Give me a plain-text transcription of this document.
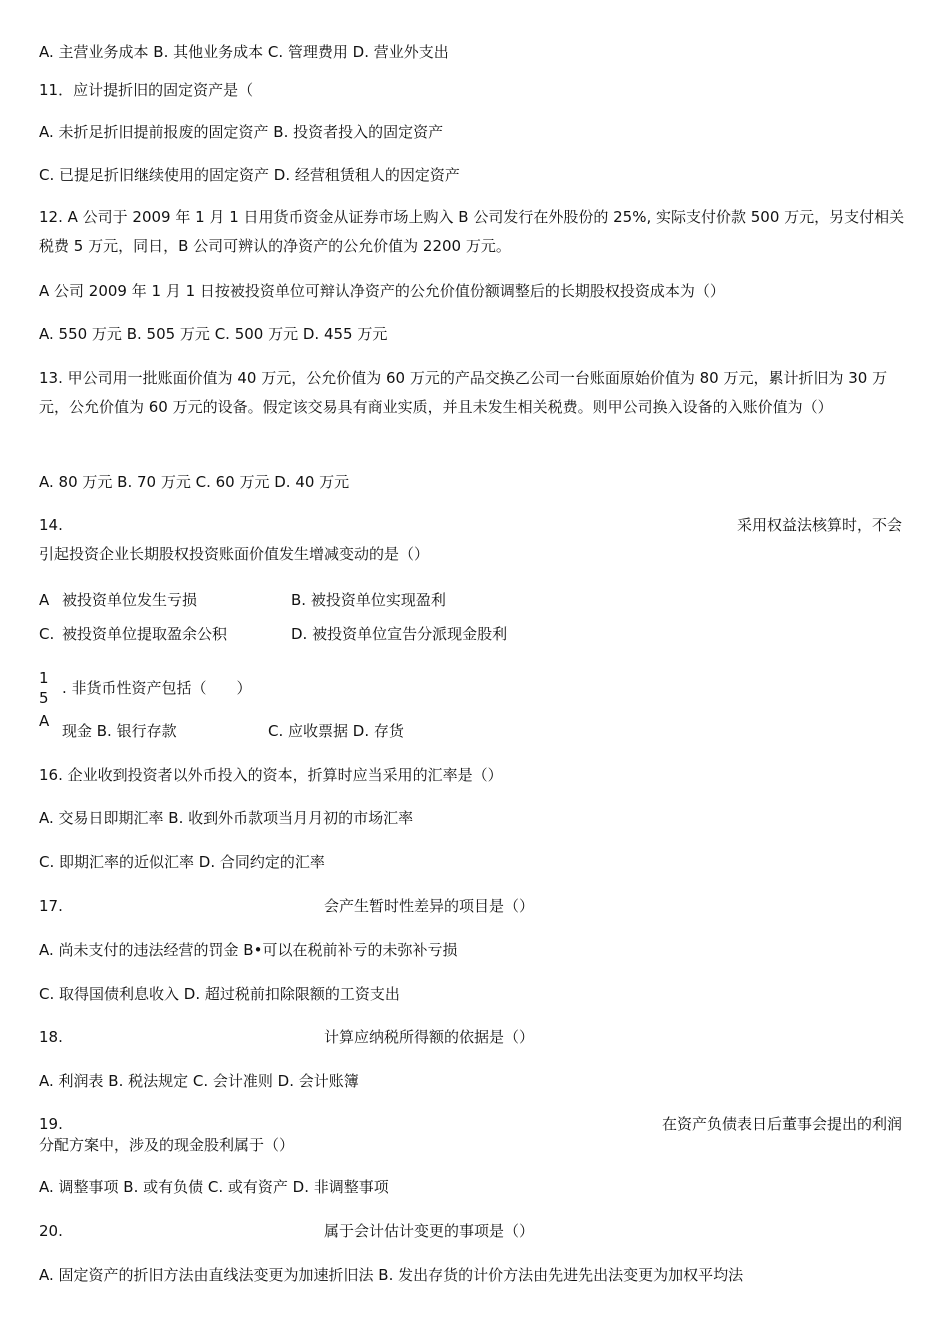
A. 主营业务成本 B. 其他业务成本 C. 管理费用 D. 营业外支出
11．应计提折旧的固定资产是（
A. 未折足折旧提前报废的固定资产 B. 投资者投入的固定资产
C. 已提足折旧继续使用的固定资产 D. 经营租赁租人的因定资产
12. A 公司于 2009 年 1 月 1 日用货币资金从证券市场上购入 B 公司发行在外股份的 25%, 实际支付价款 500 万元，另支付相关税费 5 万元，同日，B 公司可辨认的净资产的公允价值为 2200 万元。
A 公司 2009 年 1 月 1 日按被投资单位可辩认净资产的公允价值份额调整后的长期股权投资成本为（）
A. 550 万元 B. 505 万元 C. 500 万元 D. 455 万元
13. 甲公司用一批账面价值为 40 万元，公允价值为 60 万元的产品交换乙公司一台账面原始价值为 80 万元，累计折旧为 30 万元，公允价值为 60 万元的设备。假定该交易具有商业实质，并且未发生相关税费。则甲公司换入设备的入账价值为（）
A. 80 万元 B. 70 万元 C. 60 万元 D. 40 万元
14.	采用权益法核算时，不会
引起投资企业长期股权投资账面价值发生增减变动的是（）
A 被投资单位发生亏损	B. 被投资单位实现盈利
C. 被投资单位提取盈余公积	D. 被投资单位宣告分派现金股利
15
. 非货币性资产包括（　　）
A
现金 B. 银行存款	C. 应收票据 D. 存货
16. 企业收到投资者以外币投入的资本，折算时应当采用的汇率是（）
A. 交易日即期汇率 B. 收到外币款项当月月初的市场汇率
C. 即期汇率的近似汇率 D. 合同约定的汇率
17.	会产生暂时性差异的项目是（）
A. 尚未支付的违法经营的罚金 B•可以在税前补亏的未弥补亏损
C. 取得国债利息收入 D. 超过税前扣除限额的工资支出
18.	计算应纳税所得额的依据是（）
A. 利润表 B. 税法规定 C. 会计准则 D. 会计账簿
19.	在资产负债表日后董事会提出的利润
分配方案中，涉及的现金股利属于（）
A. 调整事项 B. 或有负债 C. 或有资产 D. 非调整事项
20.	属于会计估计变更的事项是（）
A. 固定资产的折旧方法由直线法变更为加速折旧法 B. 发出存货的计价方法由先进先出法变更为加权平均法
